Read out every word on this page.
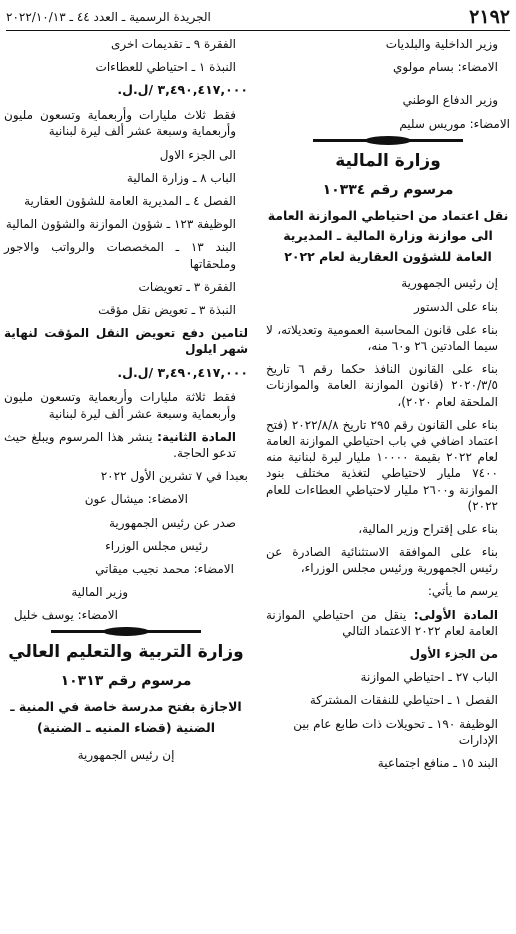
٢١٩٢
الجريدة الرسمية ـ العدد ٤٤ ـ ٢٠٢٢/١٠/١٣
وزير الداخلية والبلديات
الامضاء: بسام مولوي
وزير الدفاع الوطني
الامضاء: موريس سليم
وزارة المالية
مرسوم رقم ١٠٣٣٤
نقل اعتماد من احتياطي الموازنة العامة الى موازنة وزارة المالية ـ المديرية العامة للشؤون العقارية لعام ٢٠٢٢
إن رئيس الجمهورية
بناء على الدستور
بناء على قانون المحاسبة العمومية وتعديلاته، لا سيما المادتين ٢٦ و٦٠ منه،
بناء على القانون النافذ حكما رقم ٦ تاريخ ٢٠٢٠/٣/٥ (قانون الموازنة العامة والموازنات الملحقة لعام ٢٠٢٠)،
بناء على القانون رقم ٢٩٥ تاريخ ٢٠٢٢/٨/٨ (فتح اعتماد اضافي في باب احتياطي الموازنة العامة لعام ٢٠٢٢ بقيمة ١٠٠٠٠ مليار ليرة لبنانية منه ٧٤٠٠ مليار لاحتياطي لتغذية مختلف بنود الموازنة و٢٦٠٠ مليار لاحتياطي العطاءات للعام ٢٠٢٢)
بناء على إقتراح وزير المالية،
بناء على الموافقة الاستثنائية الصادرة عن رئيس الجمهورية ورئيس مجلس الوزراء،
يرسم ما يأتي:
المادة الأولى: ينقل من احتياطي الموازنة العامة لعام ٢٠٢٢ الاعتماد التالي
من الجزء الأول
الباب ٢٧ ـ احتياطي الموازنة
الفصل ١ ـ احتياطي للنفقات المشتركة
الوظيفة ١٩٠ ـ تحويلات ذات طابع عام بين الإدارات
البند ١٥ ـ منافع اجتماعية
الفقرة ٩ ـ تقديمات اخرى
النبذة ١ ـ احتياطي للعطاءات
٣,٤٩٠,٤١٧,٠٠٠ /ل.ل.
فقط ثلاث مليارات وأربعماية وتسعون مليون وأربعماية وسبعة عشر ألف ليرة لبنانية
الى الجزء الاول
الباب ٨ ـ وزارة المالية
الفصل ٤ ـ المديرية العامة للشؤون العقارية
الوظيفة ١٢٣ ـ شؤون الموازنة والشؤون المالية
البند ١٣ ـ المخصصات والرواتب والاجور وملحقاتها
الفقرة ٣ ـ تعويضات
النبذة ٣ ـ تعويض نقل مؤقت
لتامين دفع تعويض النقل المؤقت لنهاية شهر ايلول
٣,٤٩٠,٤١٧,٠٠٠ /ل.ل.
فقط ثلاثة مليارات وأربعماية وتسعون مليون وأربعماية وسبعة عشر ألف ليرة لبنانية
المادة الثانية: ينشر هذا المرسوم ويبلغ حيث تدعو الحاجة.
بعبدا في ٧ تشرين الأول ٢٠٢٢
الامضاء: ميشال عون
صدر عن رئيس الجمهورية
رئيس مجلس الوزراء
الامضاء: محمد نجيب ميقاتي
وزير المالية
الامضاء: يوسف خليل
وزارة التربية والتعليم العالي
مرسوم رقم ١٠٣١٣
الاجازة بفتح مدرسة خاصة في المنية ـ الضنية (قضاء المنيه ـ الضنية)
إن رئيس الجمهورية
